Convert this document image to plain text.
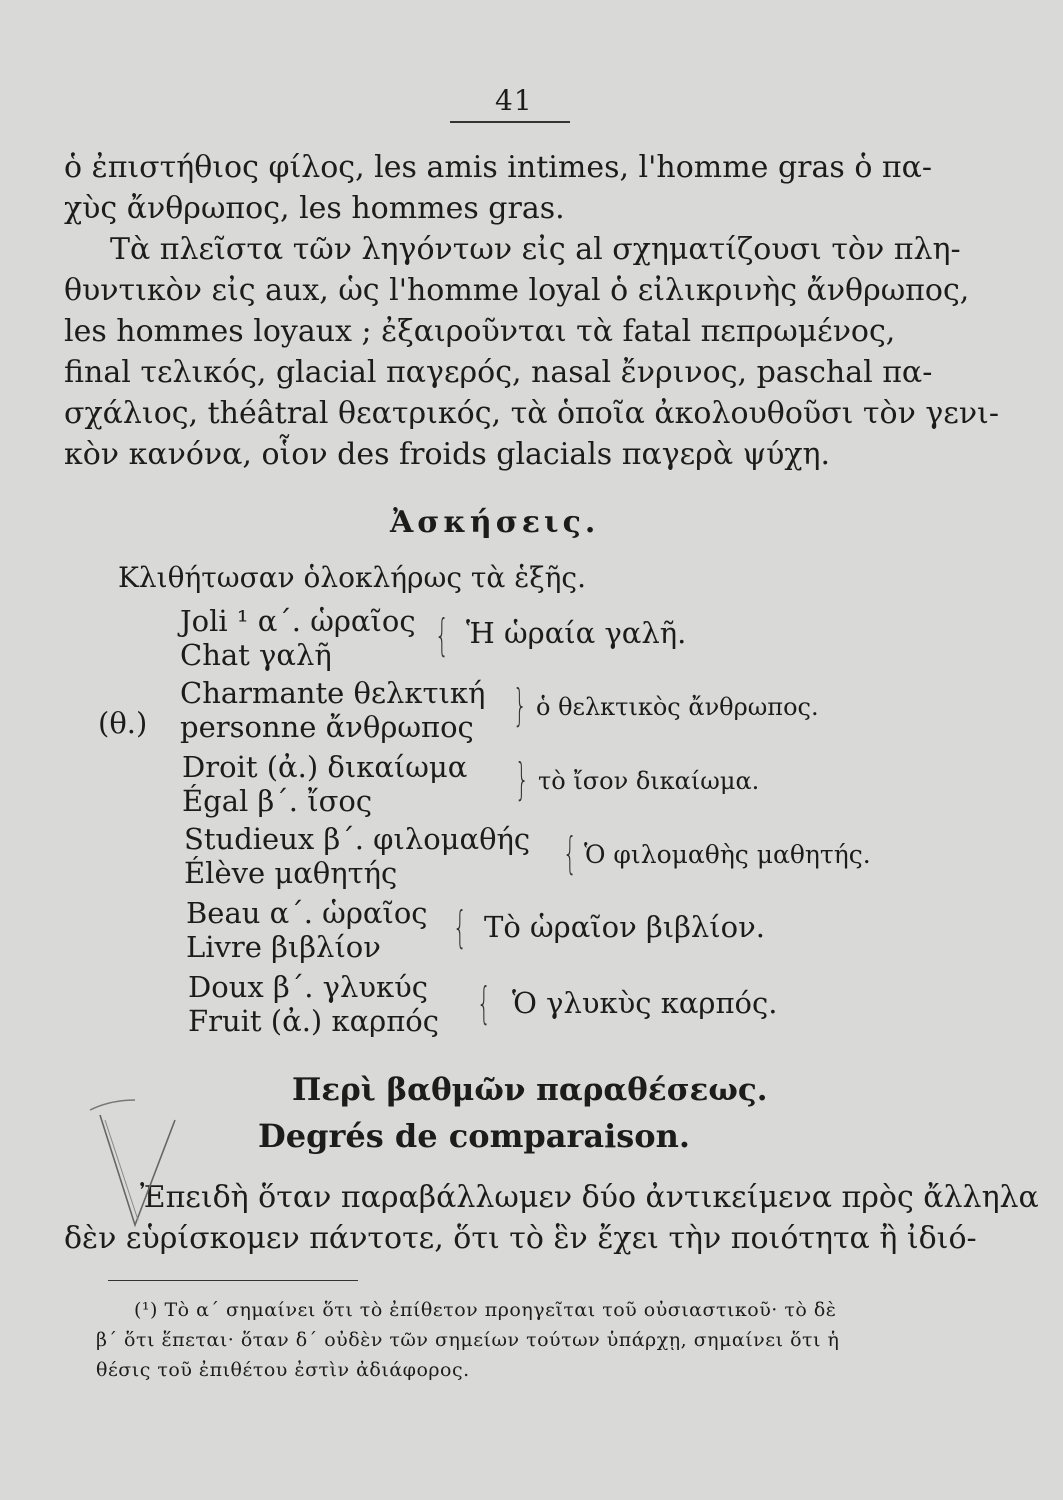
41
ὁ ἐπιστήθιος φίλος, les amis intimes, l'homme gras ὁ πα-
χὺς ἄνθρωπος, les hommes gras.
Τὰ πλεῖστα τῶν ληγόντων εἰς al σχηματίζουσι τὸν πλη-
θυντικὸν εἰς aux, ὡς l'homme loyal ὁ εἰλικρινὴς ἄνθρωπος,
les hommes loyaux ; ἐξαιροῦνται τὰ fatal πεπρωμένος,
final τελικός, glacial παγερός, nasal ἔνρινος, paschal πα-
σχάλιος, théâtral θεατρικός, τὰ ὁποῖα ἀκολουθοῦσι τὸν γενι-
κὸν κανόνα, οἷον des froids glacials παγερὰ ψύχη.
Ἀσκήσεις.
Κλιθήτωσαν ὁλοκλήρως τὰ ἑξῆς.
Joli ¹ α΄. ὡραῖος
Chat γαλῆ { Ἡ ὡραία γαλῆ.
(θ.)
Charmante θελκτική
personne ἄνθρωπος } ὁ θελκτικὸς ἄνθρωπος.
Droit (ἀ.) δικαίωμα
Égal β΄. ἴσος	} τὸ ἴσον δικαίωμα.
Studieux β΄. φιλομαθής
Élève μαθητής	{ Ὁ φιλομαθὴς μαθητής.
Beau α΄. ὡραῖος
Livre βιβλίον { Τὸ ὡραῖον βιβλίον.
Doux β΄. γλυκύς
Fruit (ἀ.) καρπός { Ὁ γλυκὺς καρπός.
Περὶ βαθμῶν παραθέσεως.
Degrés de comparaison.
Ἐπειδὴ ὅταν παραβάλλωμεν δύο ἀντικείμενα πρὸς ἄλληλα
δὲν εὑρίσκομεν πάντοτε, ὅτι τὸ ἓν ἔχει τὴν ποιότητα ἢ ἰδιό-
(¹) Τὸ α΄ σημαίνει ὅτι τὸ ἐπίθετον προηγεῖται τοῦ οὐσιαστικοῦ· τὸ δὲ
β΄ ὅτι ἕπεται· ὅταν δ΄ οὐδὲν τῶν σημείων τούτων ὑπάρχῃ, σημαίνει ὅτι ἡ
θέσις τοῦ ἐπιθέτου ἐστὶν ἀδιάφορος.
